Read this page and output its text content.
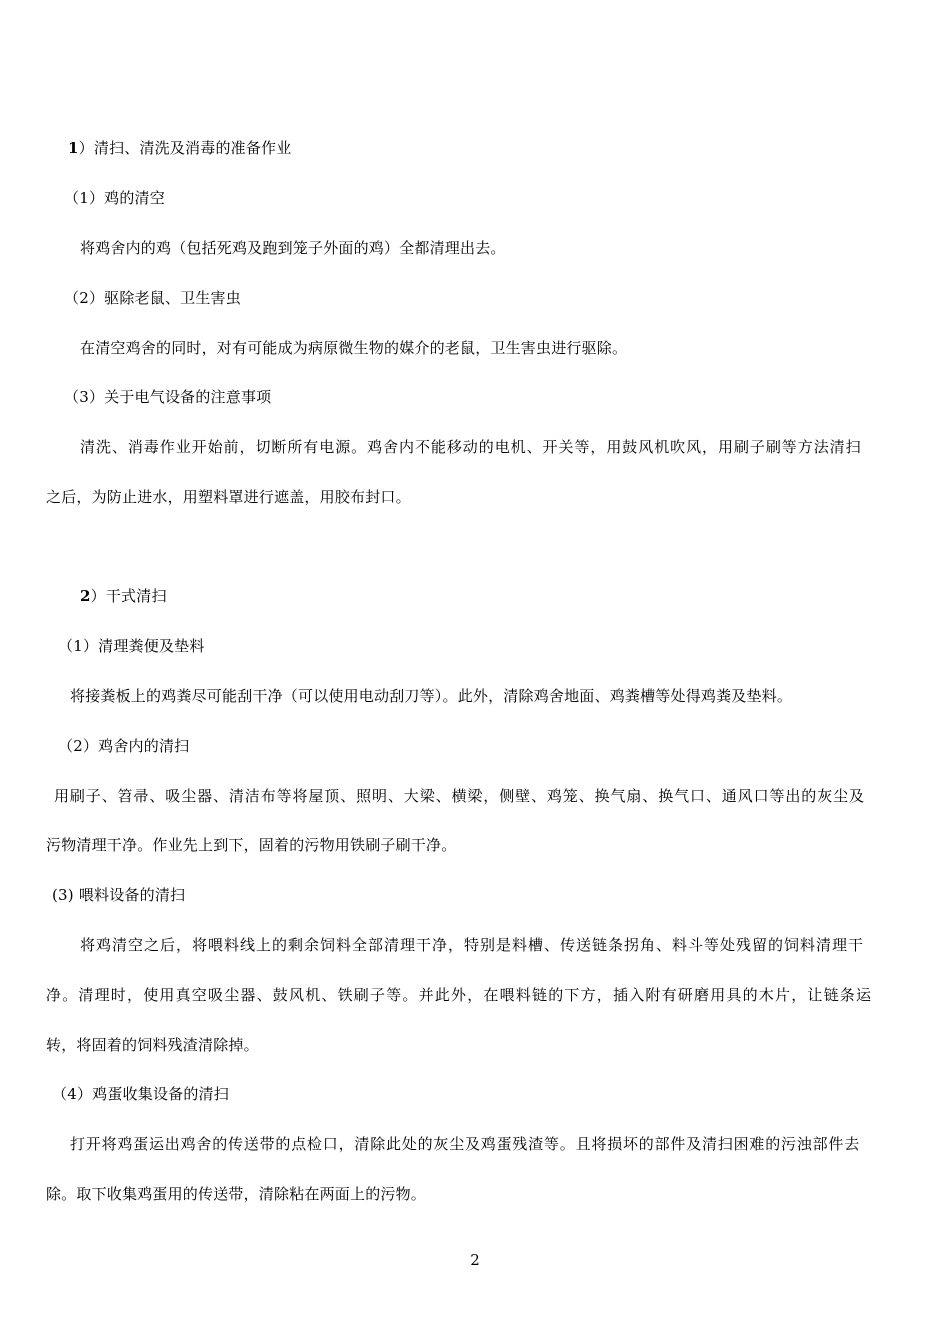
1）清扫、清洗及消毒的准备作业
（1）鸡的清空
将鸡舍内的鸡（包括死鸡及跑到笼子外面的鸡）全都清理出去。
（2）驱除老鼠、卫生害虫
在清空鸡舍的同时，对有可能成为病原微生物的媒介的老鼠，卫生害虫进行驱除。
（3）关于电气设备的注意事项
清洗、消毒作业开始前，切断所有电源。鸡舍内不能移动的电机、开关等，用鼓风机吹风，用刷子刷等方法清扫
之后，为防止进水，用塑料罩进行遮盖，用胶布封口。
2）干式清扫
（1）清理粪便及垫料
将接粪板上的鸡粪尽可能刮干净（可以使用电动刮刀等）。此外，清除鸡舍地面、鸡粪槽等处得鸡粪及垫料。
（2）鸡舍内的清扫
用刷子、笤帚、吸尘器、清洁布等将屋顶、照明、大梁、横梁，侧壁、鸡笼、换气扇、换气口、通风口等出的灰尘及
污物清理干净。作业先上到下，固着的污物用铁刷子刷干净。
(3) 喂料设备的清扫
将鸡清空之后，将喂料线上的剩余饲料全部清理干净，特别是料槽、传送链条拐角、料斗等处残留的饲料清理干
净。清理时，使用真空吸尘器、鼓风机、铁刷子等。并此外，在喂料链的下方，插入附有研磨用具的木片，让链条运
转，将固着的饲料残渣清除掉。
（4）鸡蛋收集设备的清扫
打开将鸡蛋运出鸡舍的传送带的点检口，清除此处的灰尘及鸡蛋残渣等。且将损坏的部件及清扫困难的污浊部件去
除。取下收集鸡蛋用的传送带，清除粘在两面上的污物。
2
